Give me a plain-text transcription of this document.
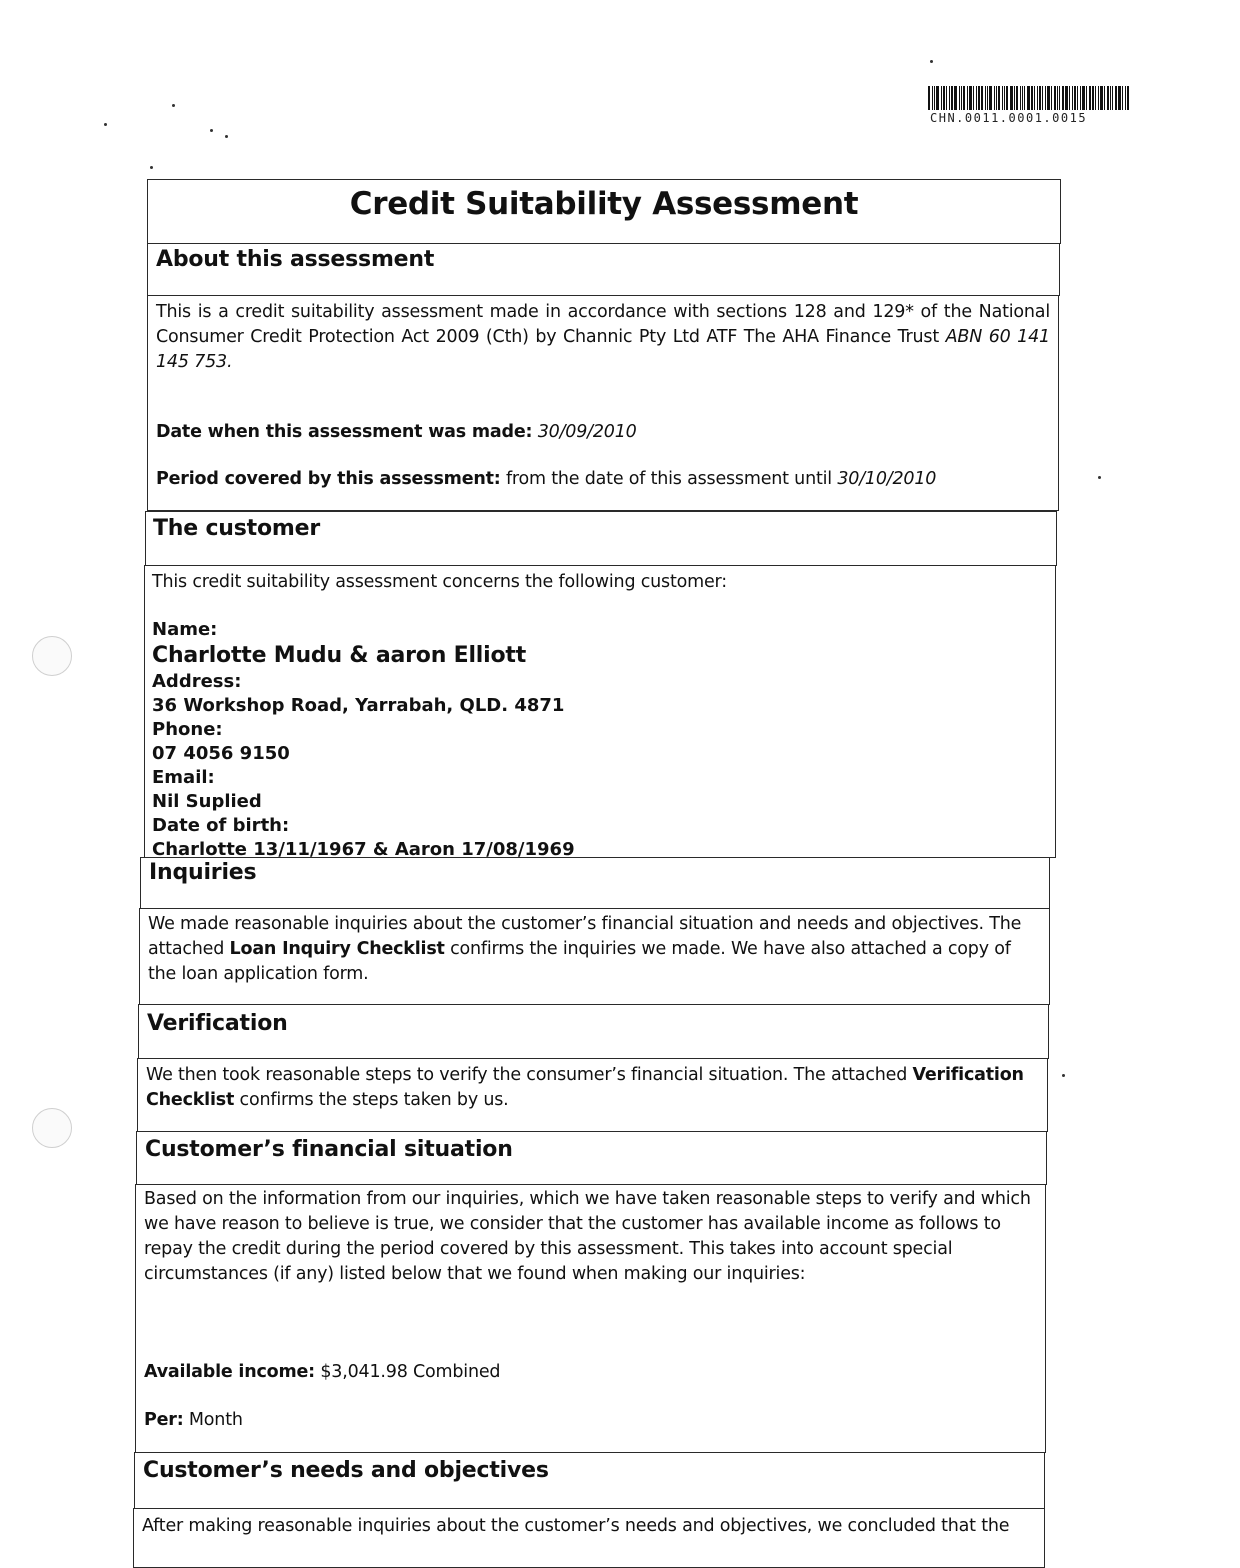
CHN.0011.0001.0015
Credit Suitability Assessment
About this assessment
This is a credit suitability assessment made in accordance with sections 128 and 129* of the National Consumer Credit Protection Act 2009 (Cth) by Channic Pty Ltd ATF The AHA Finance Trust ABN 60 141 145 753.
Date when this assessment was made: 30/09/2010
Period covered by this assessment: from the date of this assessment until 30/10/2010
The customer
This credit suitability assessment concerns the following customer:
Name:
Charlotte Mudu & aaron Elliott
Address:
36 Workshop Road, Yarrabah, QLD. 4871
Phone:
07 4056 9150
Email:
Nil Suplied
Date of birth:
Charlotte 13/11/1967 & Aaron 17/08/1969
Inquiries
We made reasonable inquiries about the customer’s financial situation and needs and objectives. The attached Loan Inquiry Checklist confirms the inquiries we made. We have also attached a copy of the loan application form.
Verification
We then took reasonable steps to verify the consumer’s financial situation. The attached Verification Checklist confirms the steps taken by us.
Customer’s financial situation
Based on the information from our inquiries, which we have taken reasonable steps to verify and which we have reason to believe is true, we consider that the customer has available income as follows to repay the credit during the period covered by this assessment. This takes into account special circumstances (if any) listed below that we found when making our inquiries:
Available income: $3,041.98 Combined
Per: Month
Customer’s needs and objectives
After making reasonable inquiries about the customer’s needs and objectives, we concluded that the
